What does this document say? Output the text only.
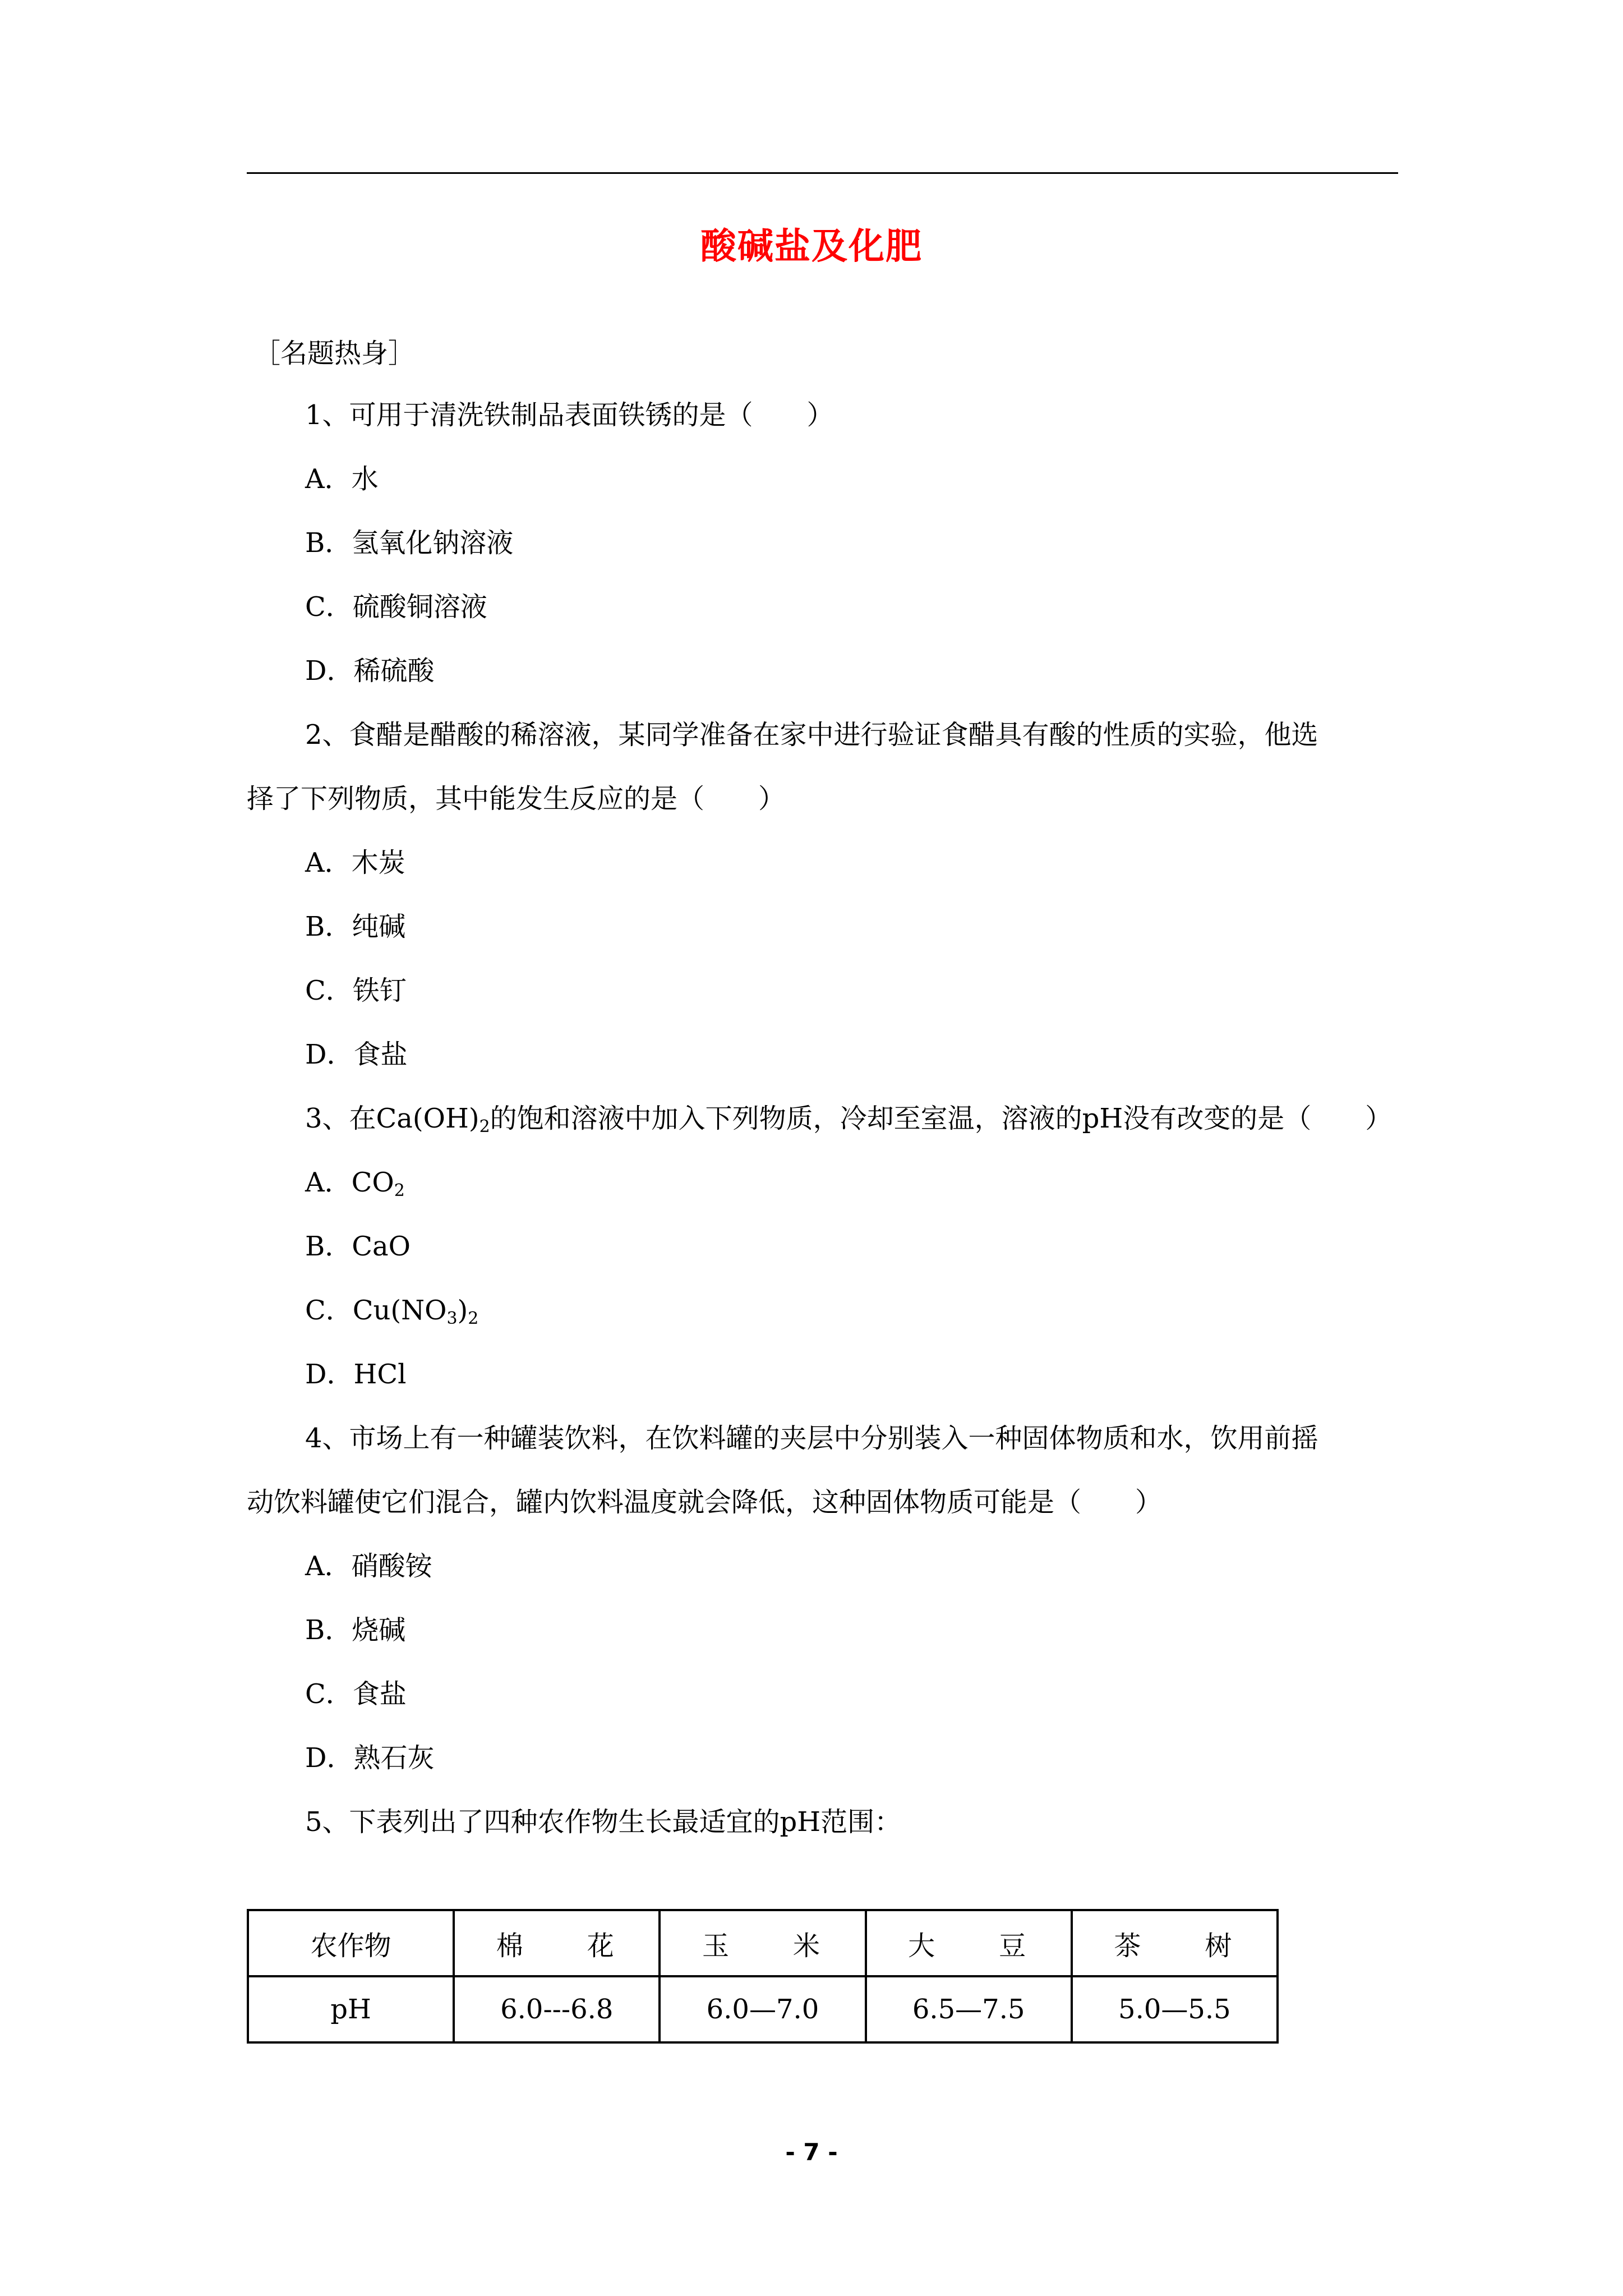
酸碱盐及化肥
［名题热身］
1、可用于清洗铁制品表面铁锈的是（　　）
A．水
B．氢氧化钠溶液
C．硫酸铜溶液
D．稀硫酸
2、食醋是醋酸的稀溶液，某同学准备在家中进行验证食醋具有酸的性质的实验，他选
择了下列物质，其中能发生反应的是（　　）
A．木炭
B．纯碱
C．铁钉
D．食盐
3、在$Ca(OH)_2$的饱和溶液中加入下列物质，冷却至室温，溶液的pH没有改变的是（　　）
A．$CO_2$
B．CaO
C．$Cu(NO_3)_2$
D．HCl
4、市场上有一种罐装饮料，在饮料罐的夹层中分别装入一种固体物质和水，饮用前摇
动饮料罐使它们混合，罐内饮料温度就会降低，这种固体物质可能是（　　）
A．硝酸铵
B．烧碱
C．食盐
D．熟石灰
5、下表列出了四种农作物生长最适宜的pH范围：
农作物	棉　　花	玉　　米	大　　豆	茶　　树
pH	6.0---6.8	6.0—7.0	6.5—7.5	5.0—5.5
- 7 -
